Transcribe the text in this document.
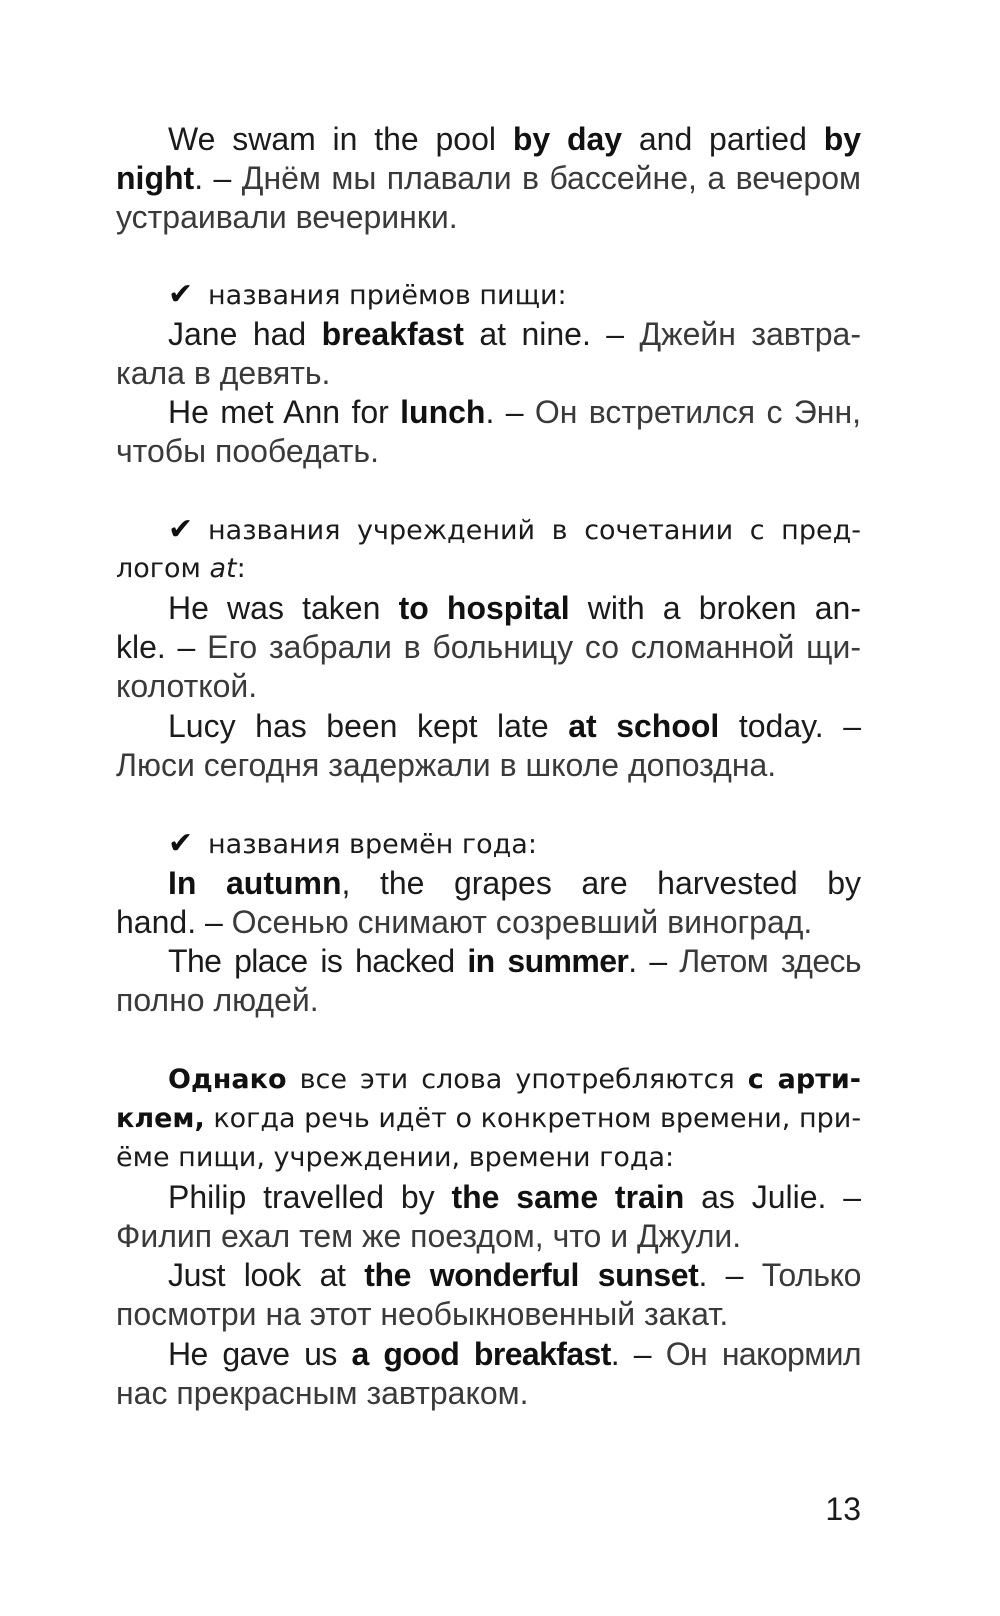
We swam in the pool by day and partied by
night. – Днём мы плавали в бассейне, а вечером
устраивали вечеринки.
✔ названия приёмов пищи:
Jane had breakfast at nine. – Джейн завтра-
кала в девять.
He met Ann for lunch. – Он встретился с Энн,
чтобы пообедать.
✔ названия учреждений в сочетании с пред-
логом at:
He was taken to hospital with a broken an-
kle. – Его забрали в больницу со сломанной щи-
колоткой.
Lucy has been kept late at school today. –
Люси сегодня задержали в школе допоздна.
✔ названия времён года:
In autumn, the grapes are harvested by
hand. – Осенью снимают созревший виноград.
The place is hacked in summer. – Летом здесь
полно людей.
Однако все эти слова употребляются с арти-
клем, когда речь идёт о конкретном времени, при-
ёме пищи, учреждении, времени года:
Philip travelled by the same train as Julie. –
Филип ехал тем же поездом, что и Джули.
Just look at the wonderful sunset. – Только
посмотри на этот необыкновенный закат.
He gave us a good breakfast. – Он накормил
нас прекрасным завтраком.
13
